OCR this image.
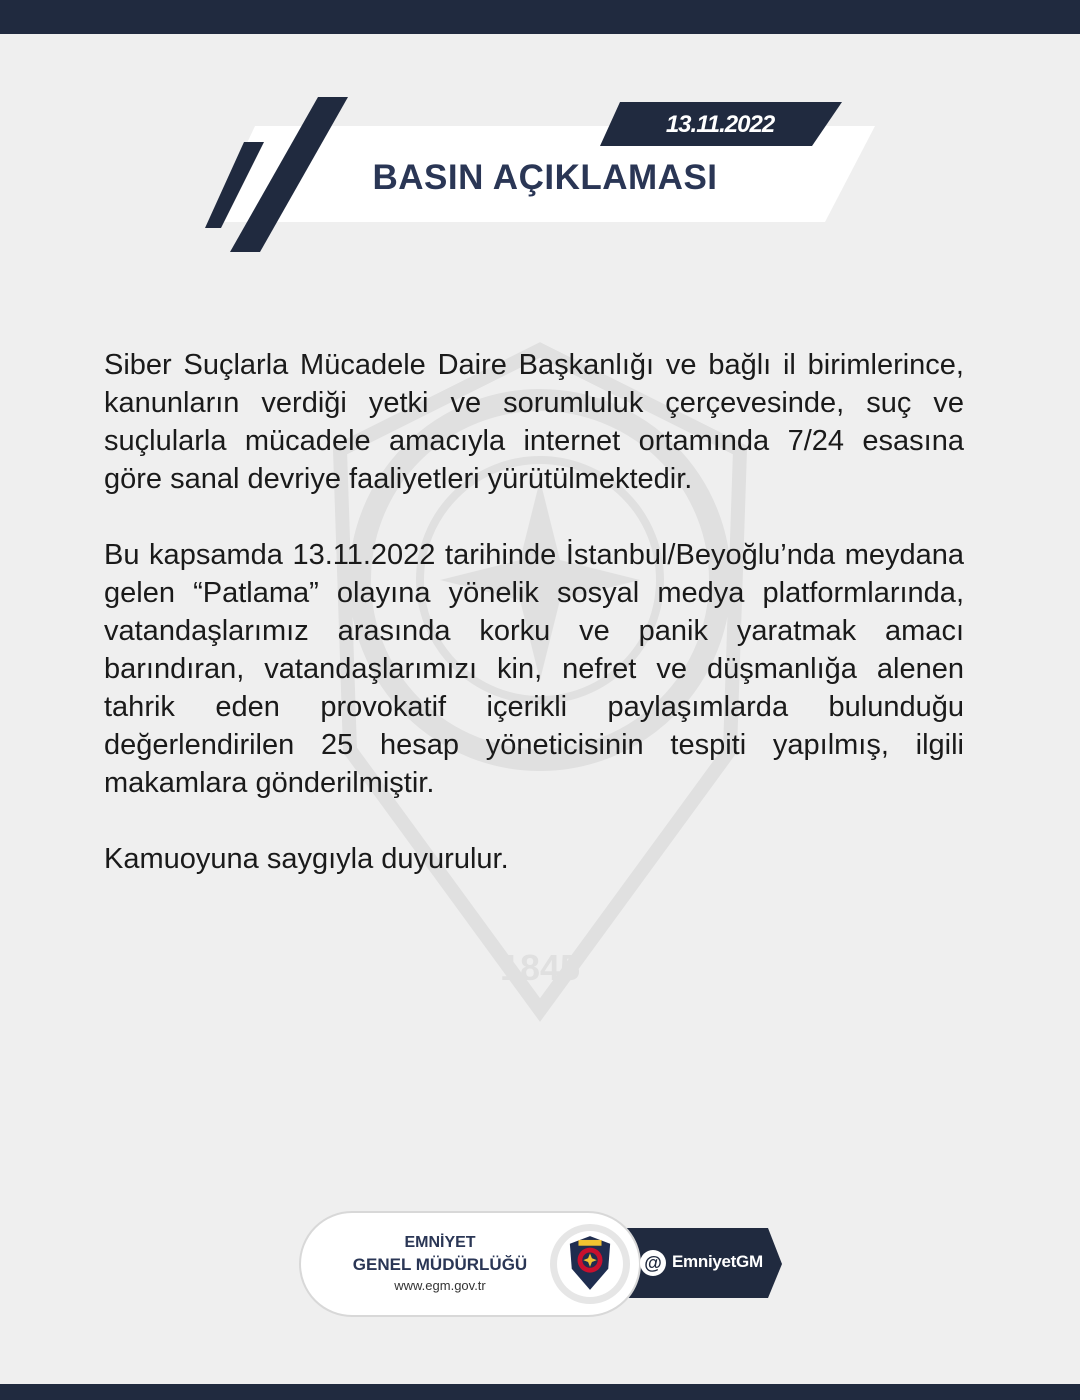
1845
13.11.2022
BASIN AÇIKLAMASI

Siber Suçlarla Mücadele Daire Başkanlığı ve bağlı il birimlerince, kanunların verdiği yetki ve sorumluluk çerçevesinde, suç ve suçlularla mücadele amacıyla internet ortamında 7/24 esasına göre sanal devriye faaliyetleri yürütülmektedir.

Bu kapsamda 13.11.2022 tarihinde İstanbul/Beyoğlu’nda meydana gelen “Patlama” olayına yönelik sosyal medya platformlarında, vatandaşlarımız arasında korku ve panik yaratmak amacı barındıran, vatandaşlarımızı kin, nefret ve düşmanlığa alenen tahrik eden provokatif içerikli paylaşımlarda bulunduğu değerlendirilen 25 hesap yöneticisinin tespiti yapılmış, ilgili makamlara gönderilmiştir.

Kamuoyuna saygıyla duyurulur.

EMNİYET
GENEL MÜDÜRLÜĞÜ
www.egm.gov.tr
@ EmniyetGM
